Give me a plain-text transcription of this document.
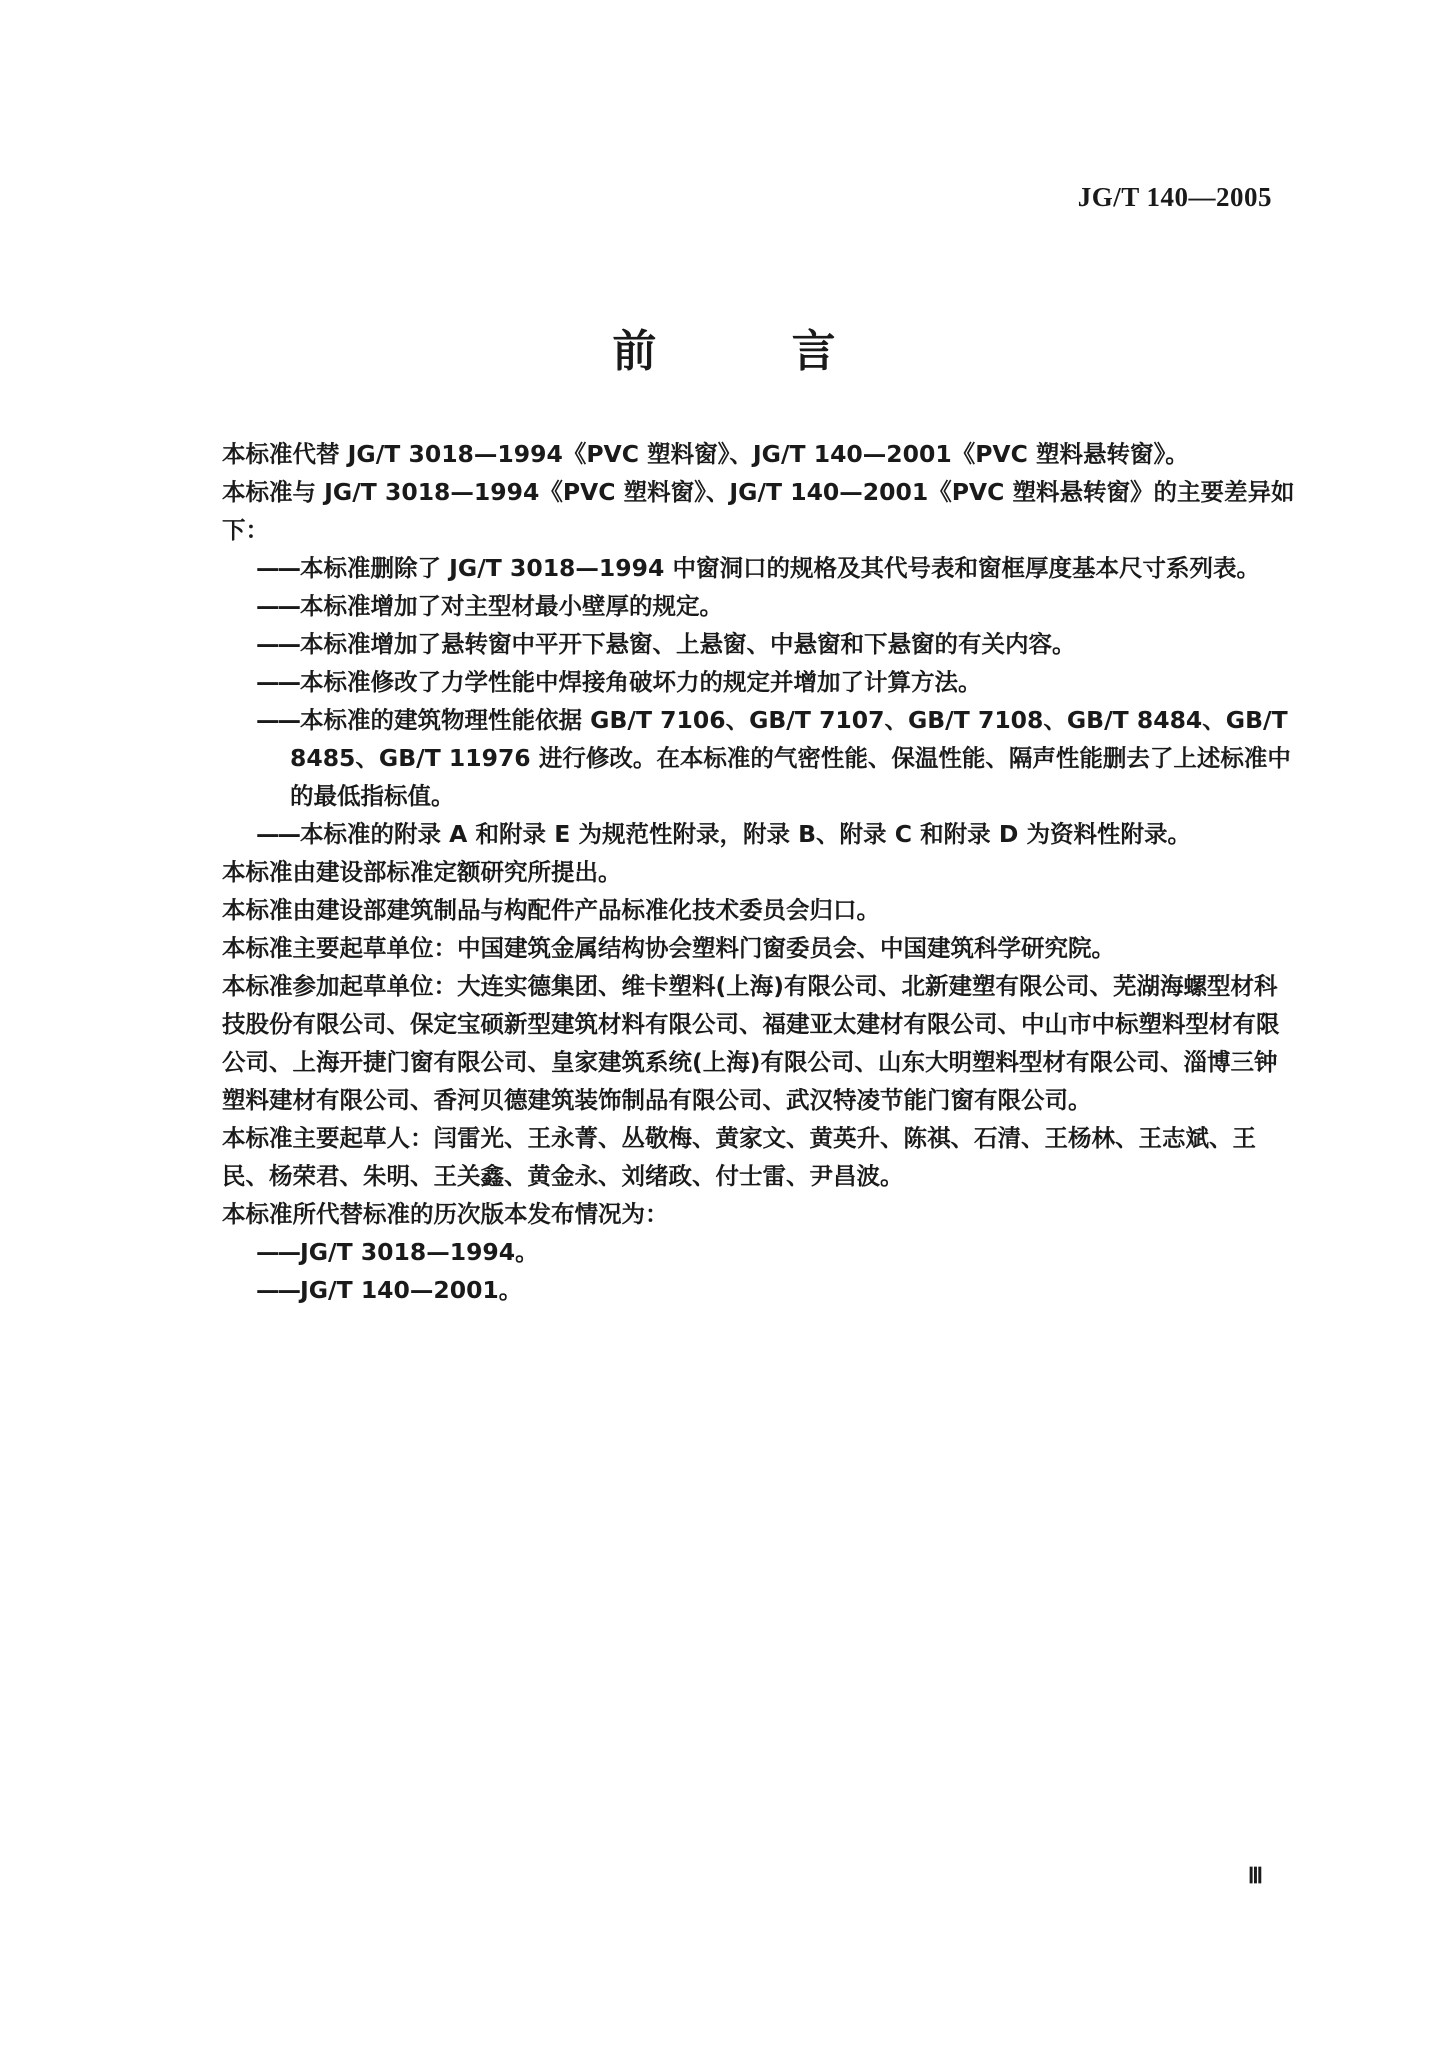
JG/T 140—2005
前 言

本标准代替 JG/T 3018—1994《PVC 塑料窗》、JG/T 140—2001《PVC 塑料悬转窗》。

本标准与 JG/T 3018—1994《PVC 塑料窗》、JG/T 140—2001《PVC 塑料悬转窗》的主要差异如下：

——本标准删除了 JG/T 3018—1994 中窗洞口的规格及其代号表和窗框厚度基本尺寸系列表。

——本标准增加了对主型材最小壁厚的规定。

——本标准增加了悬转窗中平开下悬窗、上悬窗、中悬窗和下悬窗的有关内容。

——本标准修改了力学性能中焊接角破坏力的规定并增加了计算方法。

——本标准的建筑物理性能依据 GB/T 7106、GB/T 7107、GB/T 7108、GB/T 8484、GB/T 8485、GB/T 11976 进行修改。在本标准的气密性能、保温性能、隔声性能删去了上述标准中的最低指标值。

——本标准的附录 A 和附录 E 为规范性附录，附录 B、附录 C 和附录 D 为资料性附录。

本标准由建设部标准定额研究所提出。

本标准由建设部建筑制品与构配件产品标准化技术委员会归口。

本标准主要起草单位：中国建筑金属结构协会塑料门窗委员会、中国建筑科学研究院。

本标准参加起草单位：大连实德集团、维卡塑料(上海)有限公司、北新建塑有限公司、芜湖海螺型材科技股份有限公司、保定宝硕新型建筑材料有限公司、福建亚太建材有限公司、中山市中标塑料型材有限公司、上海开捷门窗有限公司、皇家建筑系统(上海)有限公司、山东大明塑料型材有限公司、淄博三钟塑料建材有限公司、香河贝德建筑装饰制品有限公司、武汉特凌节能门窗有限公司。

本标准主要起草人：闫雷光、王永菁、丛敬梅、黄家文、黄英升、陈祺、石清、王杨林、王志斌、王民、杨荣君、朱明、王关鑫、黄金永、刘绪政、付士雷、尹昌波。

本标准所代替标准的历次版本发布情况为：

——JG/T 3018—1994。

——JG/T 140—2001。

Ⅲ
